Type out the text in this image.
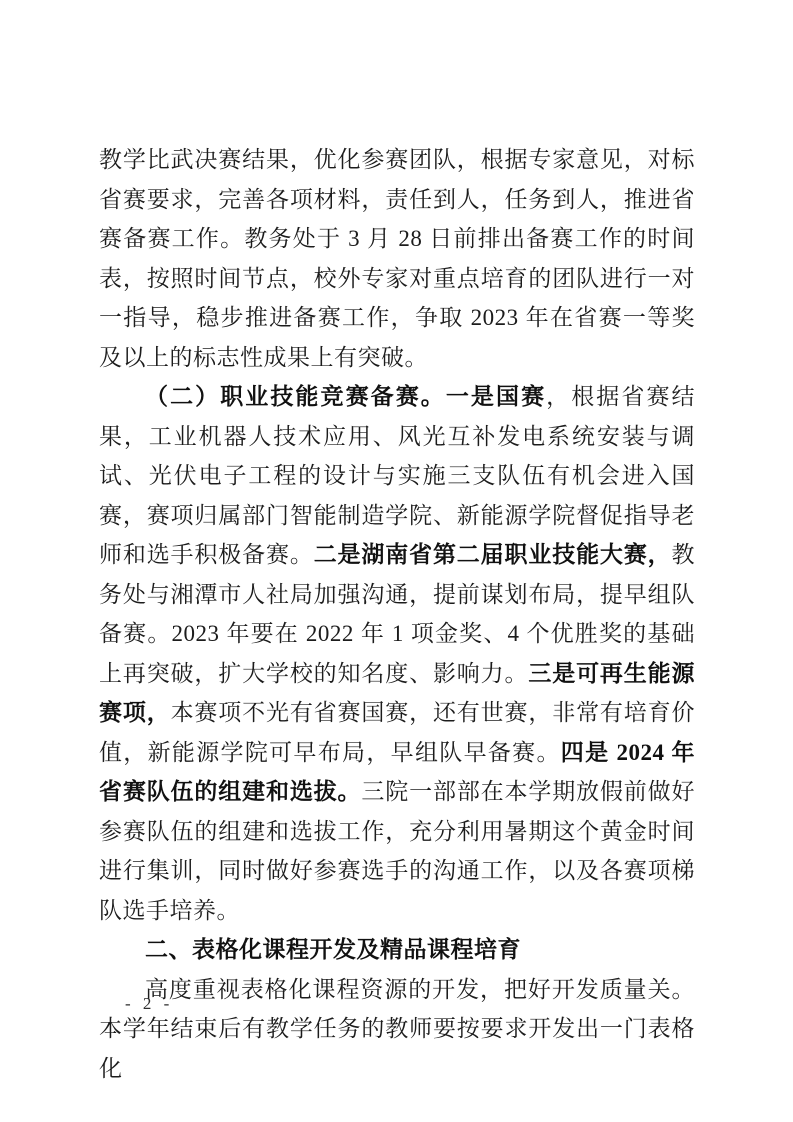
教学比武决赛结果，优化参赛团队，根据专家意见，对标省赛要求，完善各项材料，责任到人，任务到人，推进省赛备赛工作。教务处于 3 月 28 日前排出备赛工作的时间表，按照时间节点，校外专家对重点培育的团队进行一对一指导，稳步推进备赛工作，争取 2023 年在省赛一等奖及以上的标志性成果上有突破。

（二）职业技能竞赛备赛。一是国赛，根据省赛结果，工业机器人技术应用、风光互补发电系统安装与调试、光伏电子工程的设计与实施三支队伍有机会进入国赛，赛项归属部门智能制造学院、新能源学院督促指导老师和选手积极备赛。二是湖南省第二届职业技能大赛，教务处与湘潭市人社局加强沟通，提前谋划布局，提早组队备赛。2023 年要在 2022 年 1 项金奖、4 个优胜奖的基础上再突破，扩大学校的知名度、影响力。三是可再生能源赛项，本赛项不光有省赛国赛，还有世赛，非常有培育价值，新能源学院可早布局，早组队早备赛。四是 2024 年省赛队伍的组建和选拔。三院一部部在本学期放假前做好参赛队伍的组建和选拔工作，充分利用暑期这个黄金时间进行集训，同时做好参赛选手的沟通工作，以及各赛项梯队选手培养。

二、表格化课程开发及精品课程培育

高度重视表格化课程资源的开发，把好开发质量关。本学年结束后有教学任务的教师要按要求开发出一门表格化

- 2 -
